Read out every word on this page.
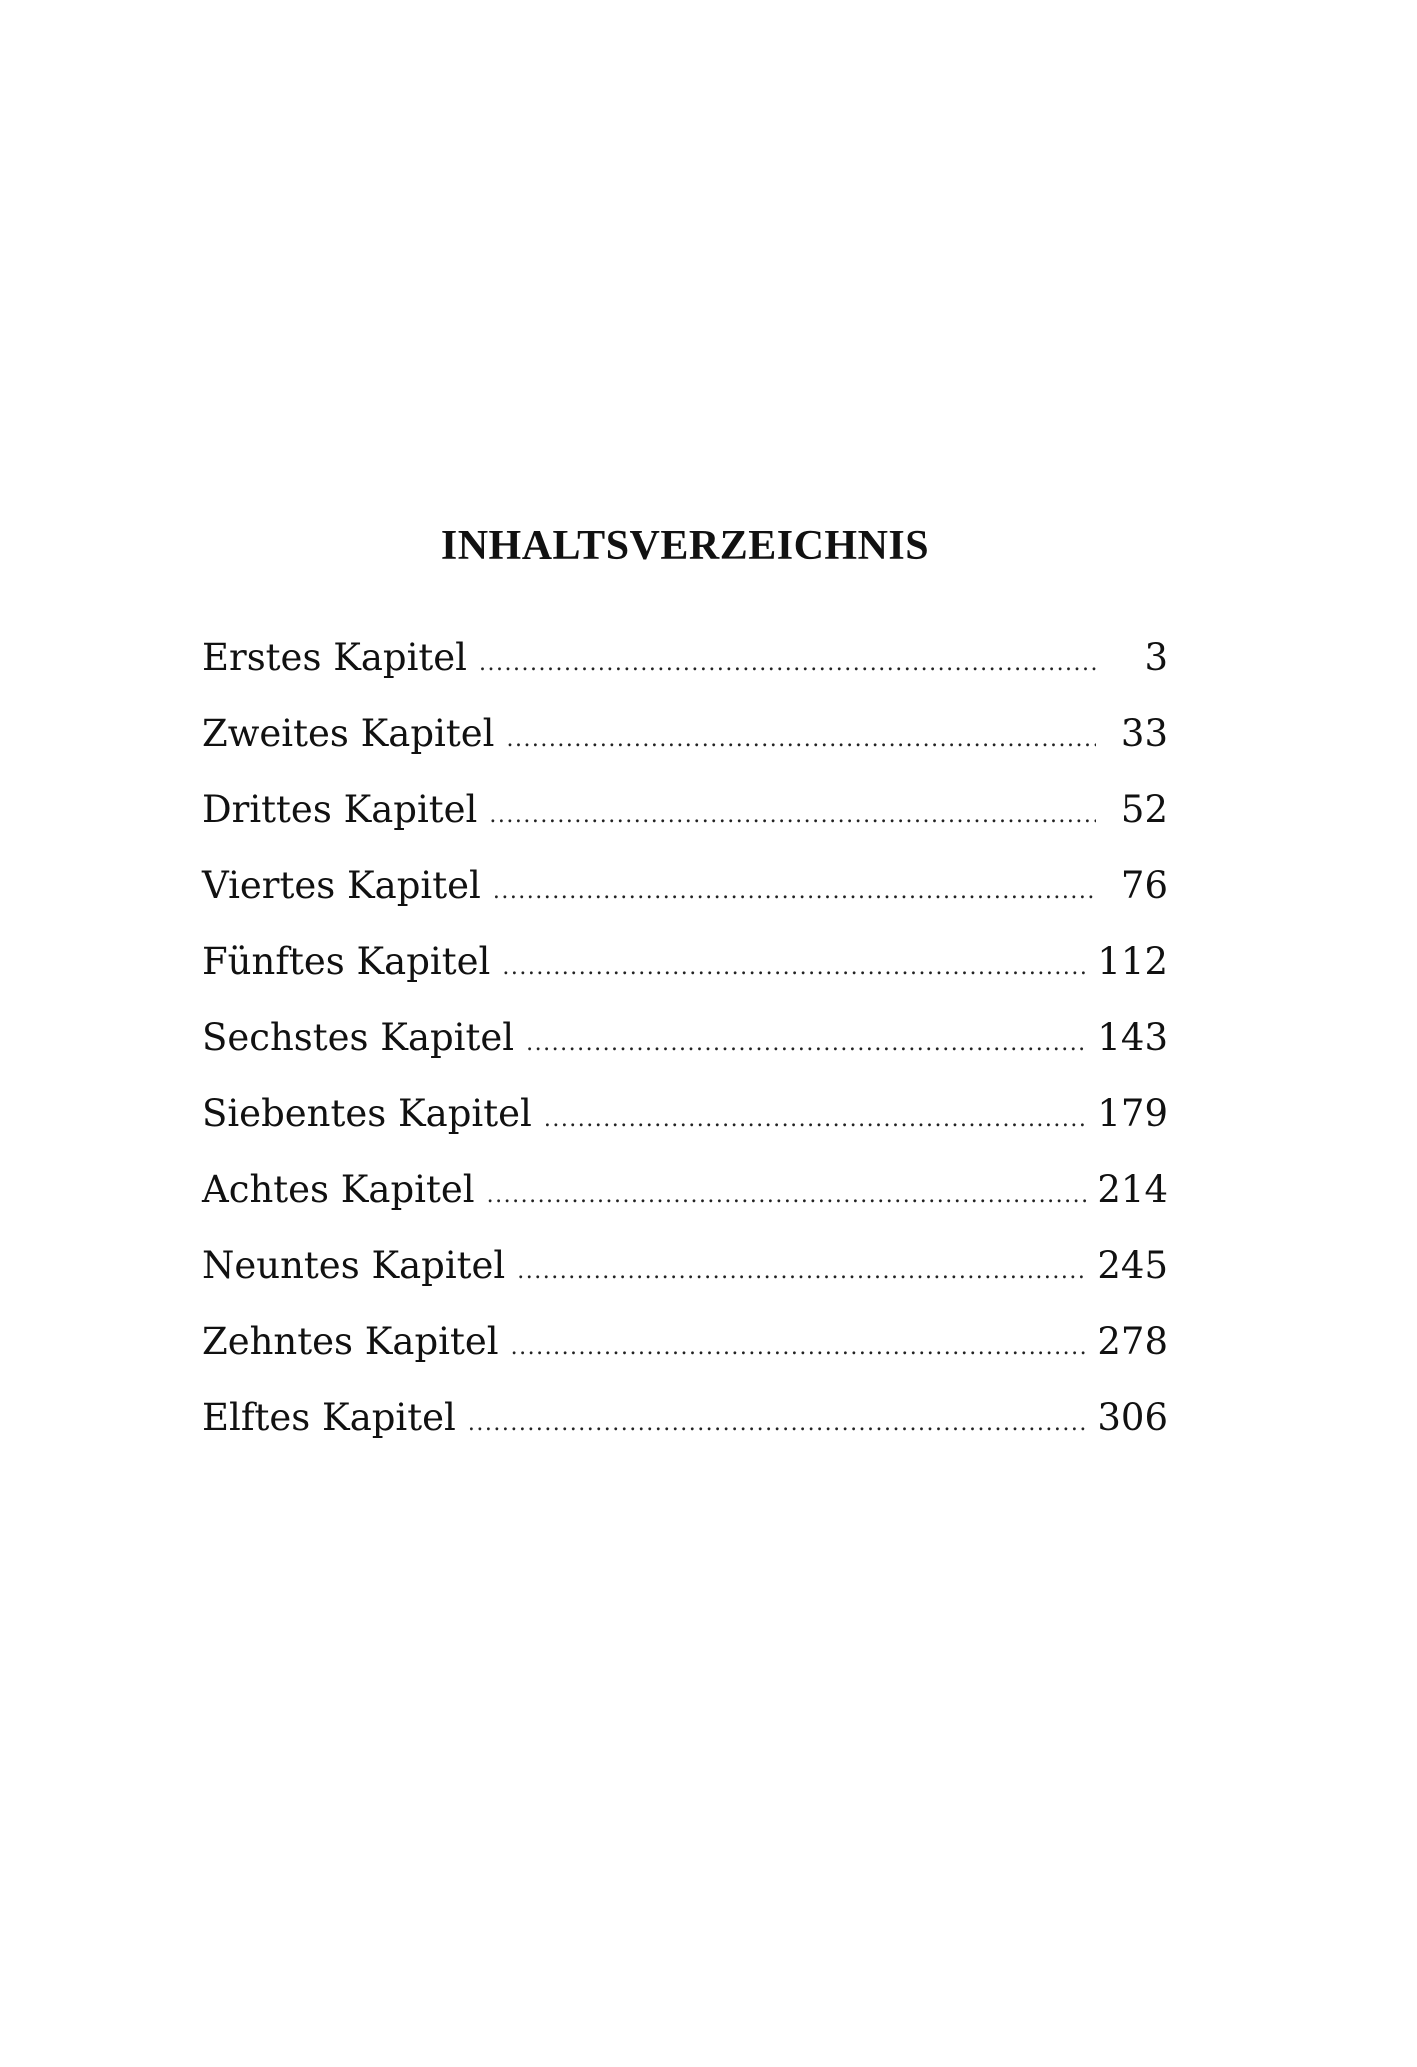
INHALTSVERZEICHNIS
Erstes Kapitel .....	3
Zweites Kapitel .....	33
Drittes Kapitel .....	52
Viertes Kapitel .....	76
Fünftes Kapitel .....	112
Sechstes Kapitel .....	143
Siebentes Kapitel .....	179
Achtes Kapitel .....	214
Neuntes Kapitel .....	245
Zehntes Kapitel .....	278
Elftes Kapitel .....	306
